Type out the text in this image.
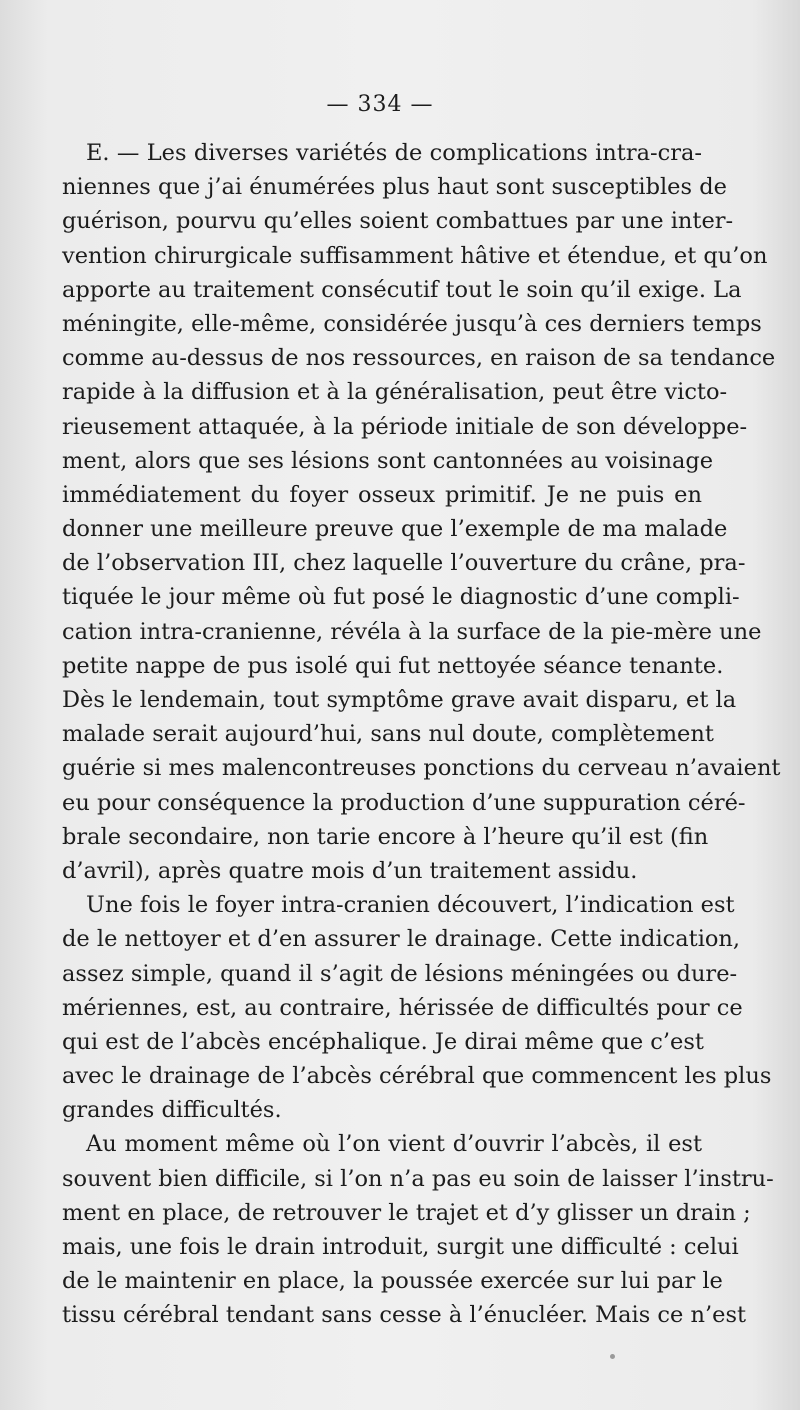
— 334 —
E. — Les diverses variétés de complications intra-cra-
niennes que j’ai énumérées plus haut sont susceptibles de
guérison, pourvu qu’elles soient combattues par une inter-
vention chirurgicale suffisamment hâtive et étendue, et qu’on
apporte au traitement consécutif tout le soin qu’il exige. La
méningite, elle-même, considérée jusqu’à ces derniers temps
comme au-dessus de nos ressources, en raison de sa tendance
rapide à la diffusion et à la généralisation, peut être victo-
rieusement attaquée, à la période initiale de son développe-
ment, alors que ses lésions sont cantonnées au voisinage
immédiatement du foyer osseux primitif. Je ne puis en
donner une meilleure preuve que l’exemple de ma malade
de l’observation III, chez laquelle l’ouverture du crâne, pra-
tiquée le jour même où fut posé le diagnostic d’une compli-
cation intra-cranienne, révéla à la surface de la pie-mère une
petite nappe de pus isolé qui fut nettoyée séance tenante.
Dès le lendemain, tout symptôme grave avait disparu, et la
malade serait aujourd’hui, sans nul doute, complètement
guérie si mes malencontreuses ponctions du cerveau n’avaient
eu pour conséquence la production d’une suppuration céré-
brale secondaire, non tarie encore à l’heure qu’il est (fin
d’avril), après quatre mois d’un traitement assidu.
Une fois le foyer intra-cranien découvert, l’indication est
de le nettoyer et d’en assurer le drainage. Cette indication,
assez simple, quand il s’agit de lésions méningées ou dure-
mériennes, est, au contraire, hérissée de difficultés pour ce
qui est de l’abcès encéphalique. Je dirai même que c’est
avec le drainage de l’abcès cérébral que commencent les plus
grandes difficultés.
Au moment même où l’on vient d’ouvrir l’abcès, il est
souvent bien difficile, si l’on n’a pas eu soin de laisser l’instru-
ment en place, de retrouver le trajet et d’y glisser un drain ;
mais, une fois le drain introduit, surgit une difficulté : celui
de le maintenir en place, la poussée exercée sur lui par le
tissu cérébral tendant sans cesse à l’énucléer. Mais ce n’est
